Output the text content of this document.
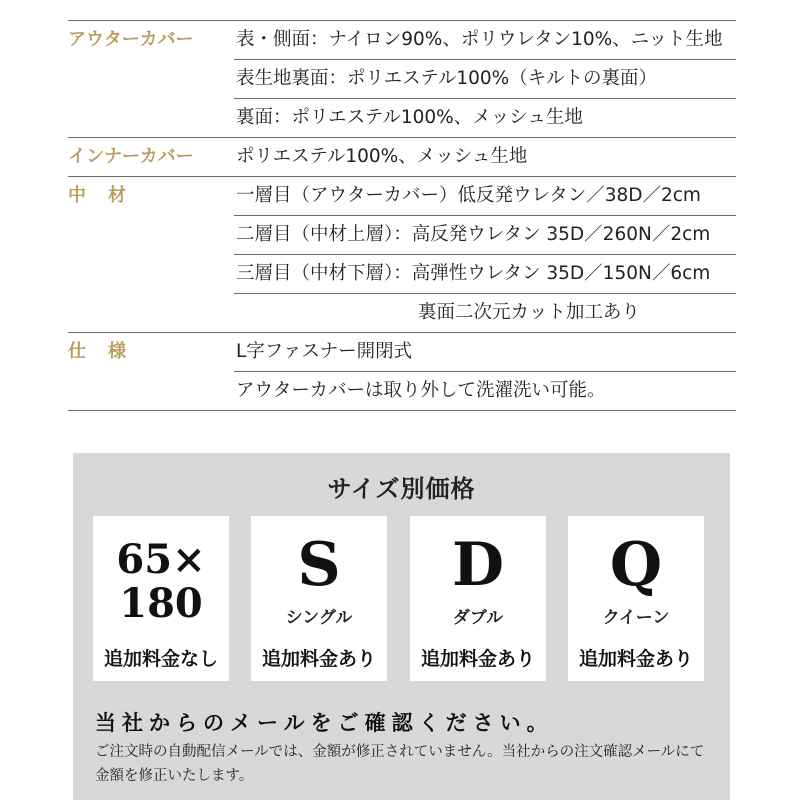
アウターカバー	表・側面：ナイロン90%、ポリウレタン10%、ニット生地
表生地裏面：ポリエステル100%（キルトの裏面）
裏面：ポリエステル100%、メッシュ生地
インナーカバー	ポリエステル100%、メッシュ生地
中材	一層目（アウターカバー）低反発ウレタン／38D／2cm
二層目（中材上層）：高反発ウレタン 35D／260N／2cm
三層目（中材下層）：高弾性ウレタン 35D／150N／6cm
裏面二次元カット加工あり
仕様	L字ファスナー開閉式
アウターカバーは取り外して洗濯洗い可能。
サイズ別価格
65×
180
追加料金なし
S
シングル
追加料金あり
D
ダブル
追加料金あり
Q
クイーン
追加料金あり
当社からのメールをご確認ください。
ご注文時の自動配信メールでは、金額が修正されていません。当社からの注文確認メールにて金額を修正いたします。
